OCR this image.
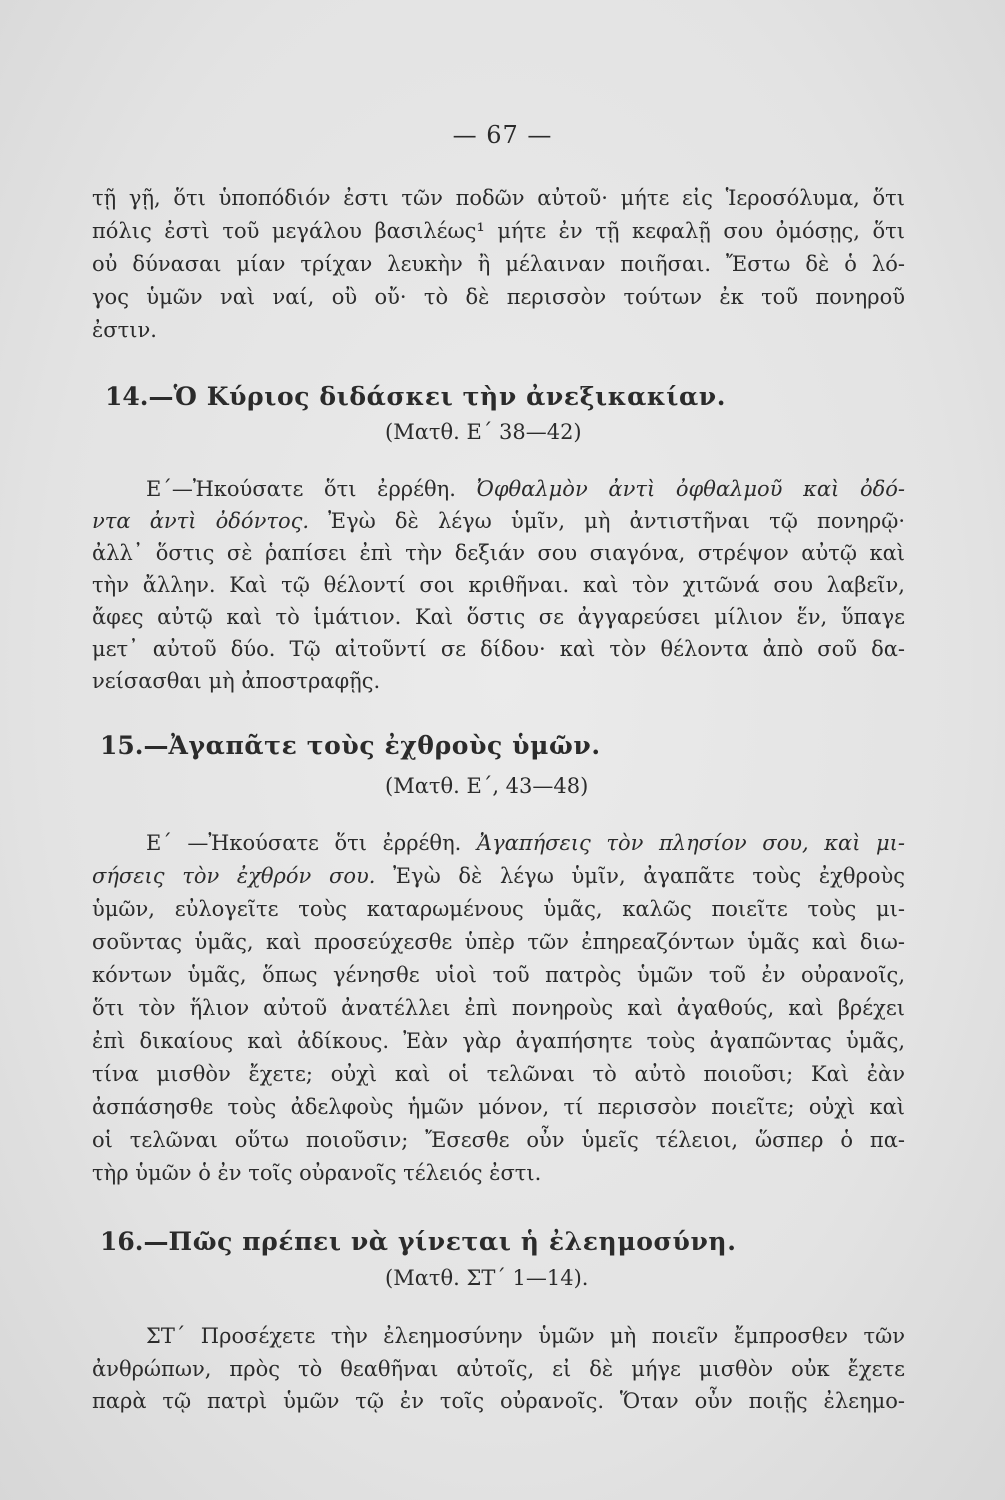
— 67 —
τῇ γῇ, ὅτι ὑποπόδιόν ἐστι τῶν ποδῶν αὐτοῦ· μήτε εἰς Ἱεροσόλυμα, ὅτι
πόλις ἐστὶ τοῦ μεγάλου βασιλέως¹ μήτε ἐν τῇ κεφαλῇ σου ὀμόσῃς, ὅτι
οὐ δύνασαι μίαν τρίχαν λευκὴν ἢ μέλαιναν ποιῆσαι. Ἔστω δὲ ὁ λό-
γος ὑμῶν ναὶ ναί, οὒ οὔ· τὸ δὲ περισσὸν τούτων ἐκ τοῦ πονηροῦ
ἐστιν.
14.—Ὁ Κύριος διδάσκει τὴν ἀνεξικακίαν.
(Ματθ. Ε΄ 38—42)
Ε΄—Ἠκούσατε ὅτι ἐρρέθη. Ὀφθαλμὸν ἀντὶ ὀφθαλμοῦ καὶ ὀδό-
ντα ἀντὶ ὀδόντος. Ἐγὼ δὲ λέγω ὑμῖν, μὴ ἀντιστῆναι τῷ πονηρῷ·
ἀλλ᾽ ὅστις σὲ ῥαπίσει ἐπὶ τὴν δεξιάν σου σιαγόνα, στρέψον αὐτῷ καὶ
τὴν ἄλλην. Καὶ τῷ θέλοντί σοι κριθῆναι. καὶ τὸν χιτῶνά σου λαβεῖν,
ἄφες αὐτῷ καὶ τὸ ἱμάτιον. Καὶ ὅστις σε ἀγγαρεύσει μίλιον ἕν, ὕπαγε
μετ᾽ αὐτοῦ δύο. Τῷ αἰτοῦντί σε δίδου· καὶ τὸν θέλοντα ἀπὸ σοῦ δα-
νείσασθαι μὴ ἀποστραφῇς.
15.—Ἀγαπᾶτε τοὺς ἐχθροὺς ὑμῶν.
(Ματθ. Ε΄, 43—48)
Ε΄ —Ἠκούσατε ὅτι ἐρρέθη. Ἀγαπήσεις τὸν πλησίον σου, καὶ μι-
σήσεις τὸν ἐχθρόν σου. Ἐγὼ δὲ λέγω ὑμῖν, ἀγαπᾶτε τοὺς ἐχθροὺς
ὑμῶν, εὐλογεῖτε τοὺς καταρωμένους ὑμᾶς, καλῶς ποιεῖτε τοὺς μι-
σοῦντας ὑμᾶς, καὶ προσεύχεσθε ὑπὲρ τῶν ἐπηρεαζόντων ὑμᾶς καὶ διω-
κόντων ὑμᾶς, ὅπως γένησθε υἱοὶ τοῦ πατρὸς ὑμῶν τοῦ ἐν οὐρανοῖς,
ὅτι τὸν ἥλιον αὐτοῦ ἀνατέλλει ἐπὶ πονηροὺς καὶ ἀγαθούς, καὶ βρέχει
ἐπὶ δικαίους καὶ ἀδίκους. Ἐὰν γὰρ ἀγαπήσητε τοὺς ἀγαπῶντας ὑμᾶς,
τίνα μισθὸν ἔχετε; οὐχὶ καὶ οἱ τελῶναι τὸ αὐτὸ ποιοῦσι; Καὶ ἐὰν
ἀσπάσησθε τοὺς ἀδελφοὺς ἡμῶν μόνον, τί περισσὸν ποιεῖτε; οὐχὶ καὶ
οἱ τελῶναι οὕτω ποιοῦσιν; Ἔσεσθε οὖν ὑμεῖς τέλειοι, ὥσπερ ὁ πα-
τὴρ ὑμῶν ὁ ἐν τοῖς οὐρανοῖς τέλειός ἐστι.
16.—Πῶς πρέπει νὰ γίνεται ἡ ἐλεημοσύνη.
(Ματθ. ΣΤ΄ 1—14).
ΣΤ΄ Προσέχετε τὴν ἐλεημοσύνην ὑμῶν μὴ ποιεῖν ἔμπροσθεν τῶν
ἀνθρώπων, πρὸς τὸ θεαθῆναι αὐτοῖς, εἰ δὲ μήγε μισθὸν οὐκ ἔχετε
παρὰ τῷ πατρὶ ὑμῶν τῷ ἐν τοῖς οὐρανοῖς. Ὅταν οὖν ποιῇς ἐλεημο-
